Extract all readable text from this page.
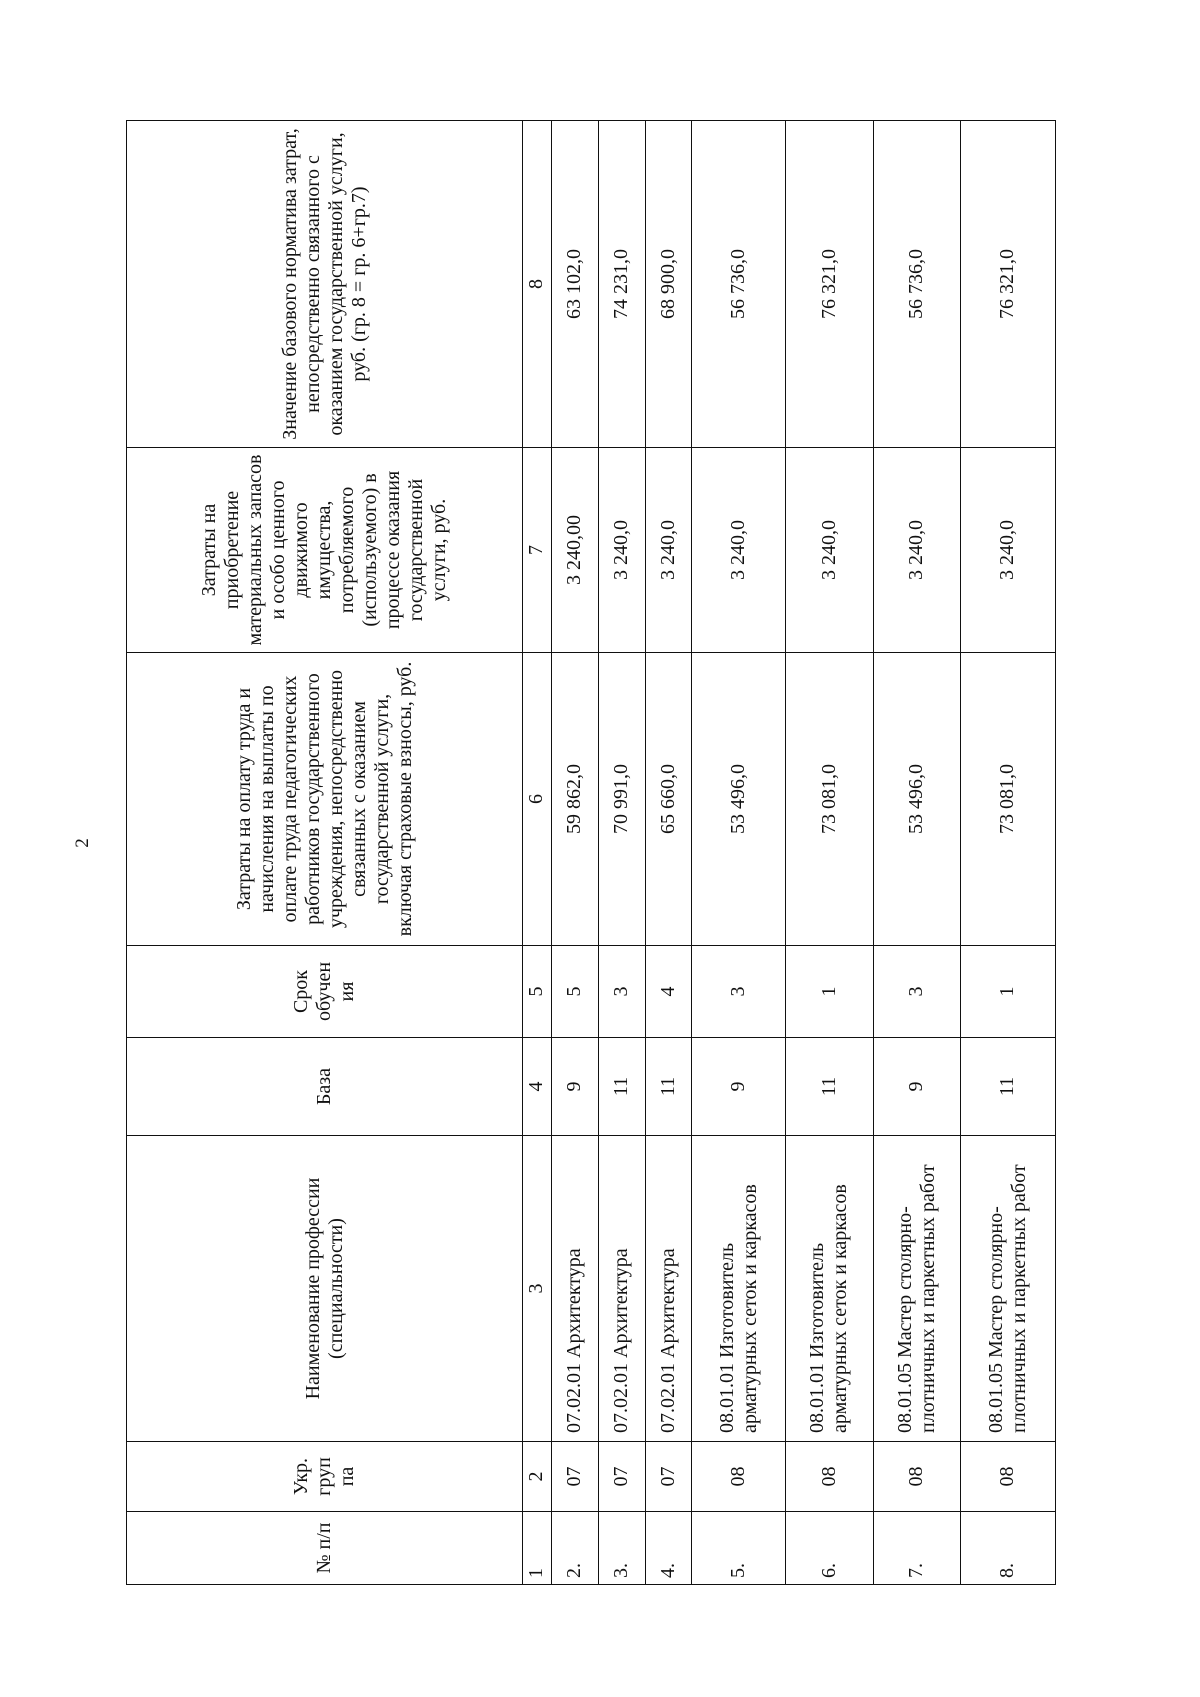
2
№ п/п	Укр. груп па	Наименование профессии (специальности)	База	Срок обучен ия	Затраты на оплату труда и начисления на выплаты по оплате труда педагогических работников государственного учреждения, непосредственно связанных с оказанием государственной услуги, включая страховые взносы, руб.	Затраты на приобретение материальных запасов и особо ценного движимого имущества, потребляемого (используемого) в процессе оказания государственной услуги, руб.	Значение базового норматива затрат, непосредственно связанного с оказанием государственной услуги, руб. (гр. 8 = гр. 6+гр.7)
1	2	3	4	5	6	7	8
2.	07	07.02.01 Архитектура	9	5	59 862,0	3 240,00	63 102,0
3.	07	07.02.01 Архитектура	11	3	70 991,0	3 240,0	74 231,0
4.	07	07.02.01 Архитектура	11	4	65 660,0	3 240,0	68 900,0
5.	08	08.01.01 Изготовитель арматурных сеток и каркасов	9	3	53 496,0	3 240,0	56 736,0
6.	08	08.01.01 Изготовитель арматурных сеток и каркасов	11	1	73 081,0	3 240,0	76 321,0
7.	08	08.01.05 Мастер столярно-плотничных и паркетных работ	9	3	53 496,0	3 240,0	56 736,0
8.	08	08.01.05 Мастер столярно-плотничных и паркетных работ	11	1	73 081,0	3 240,0	76 321,0
